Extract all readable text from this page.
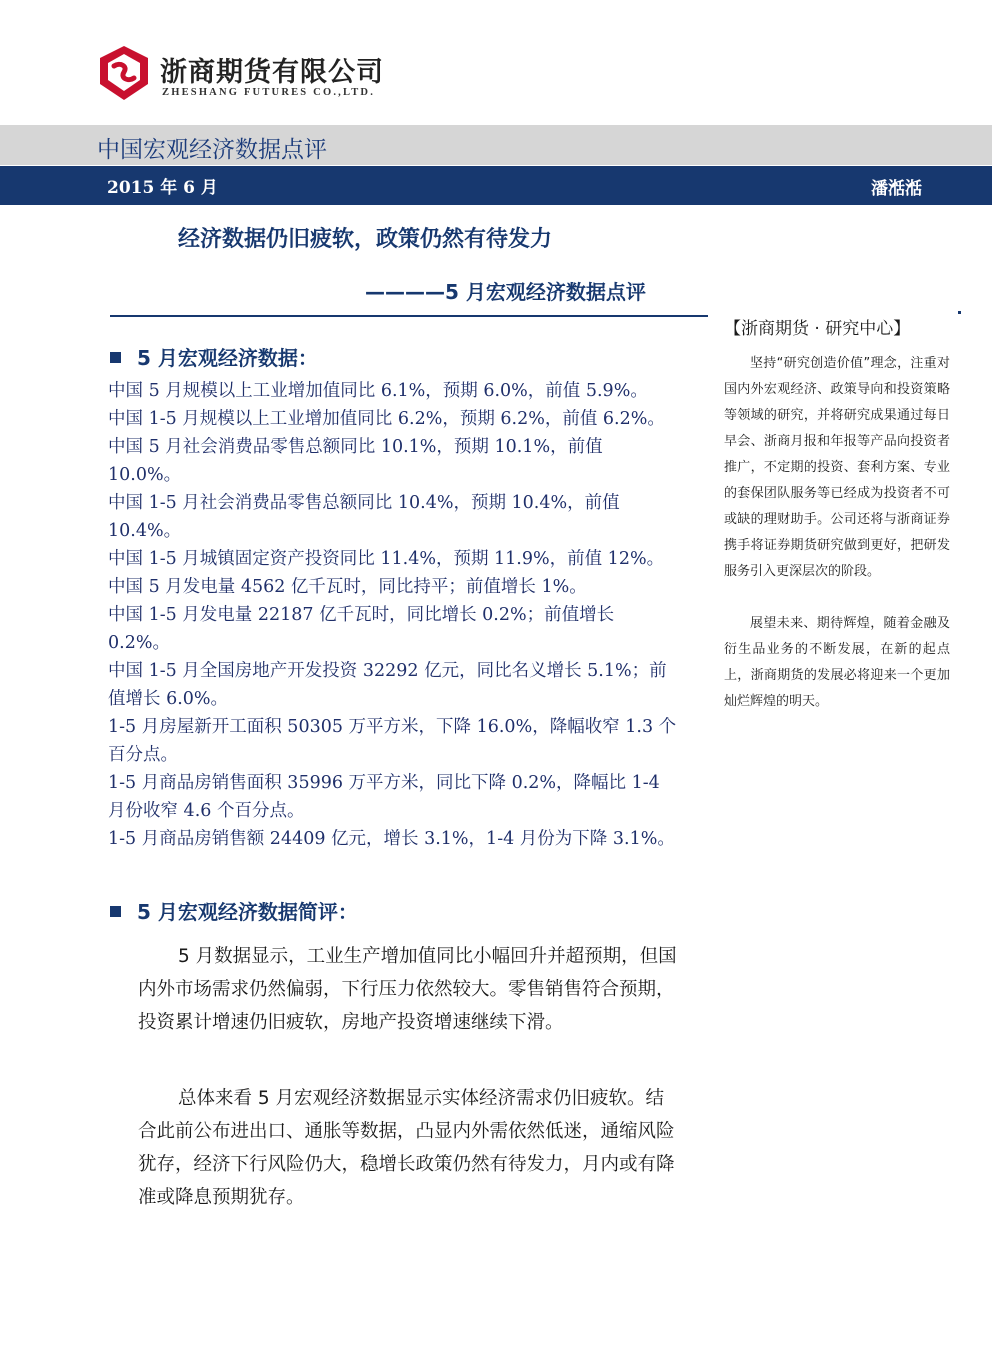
浙商期货有限公司
ZHESHANG FUTURES CO.,LTD.
中国宏观经济数据点评
2015 年 6 月	潘湉湉
经济数据仍旧疲软，政策仍然有待发力
————5 月宏观经济数据点评
5 月宏观经济数据：
中国 5 月规模以上工业增加值同比 6.1%，预期 6.0%，前值 5.9%。
中国 1-5 月规模以上工业增加值同比 6.2%，预期 6.2%，前值 6.2%。
中国 5 月社会消费品零售总额同比 10.1%，预期 10.1%，前值 10.0%。
中国 1-5 月社会消费品零售总额同比 10.4%，预期 10.4%，前值 10.4%。
中国 1-5 月城镇固定资产投资同比 11.4%，预期 11.9%，前值 12%。
中国 5 月发电量 4562 亿千瓦时，同比持平；前值增长 1%。
中国 1-5 月发电量 22187 亿千瓦时，同比增长 0.2%；前值增长 0.2%。
中国 1-5 月全国房地产开发投资 32292 亿元，同比名义增长 5.1%；前值增长 6.0%。
1-5 月房屋新开工面积 50305 万平方米，下降 16.0%，降幅收窄 1.3 个百分点。
1-5 月商品房销售面积 35996 万平方米，同比下降 0.2%，降幅比 1-4 月份收窄 4.6 个百分点。
1-5 月商品房销售额 24409 亿元，增长 3.1%，1-4 月份为下降 3.1%。
5 月宏观经济数据简评：

5 月数据显示，工业生产增加值同比小幅回升并超预期，但国内外市场需求仍然偏弱，下行压力依然较大。零售销售符合预期，投资累计增速仍旧疲软，房地产投资增速继续下滑。

总体来看 5 月宏观经济数据显示实体经济需求仍旧疲软。结合此前公布进出口、通胀等数据，凸显内外需依然低迷，通缩风险犹存，经济下行风险仍大，稳增长政策仍然有待发力，月内或有降准或降息预期犹存。

【浙商期货 · 研究中心】

坚持“研究创造价值”理念，注重对国内外宏观经济、政策导向和投资策略等领域的研究，并将研究成果通过每日早会、浙商月报和年报等产品向投资者推广，不定期的投资、套利方案、专业的套保团队服务等已经成为投资者不可或缺的理财助手。公司还将与浙商证券携手将证券期货研究做到更好，把研发服务引入更深层次的阶段。

展望未来、期待辉煌，随着金融及衍生品业务的不断发展，在新的起点上，浙商期货的发展必将迎来一个更加灿烂辉煌的明天。
